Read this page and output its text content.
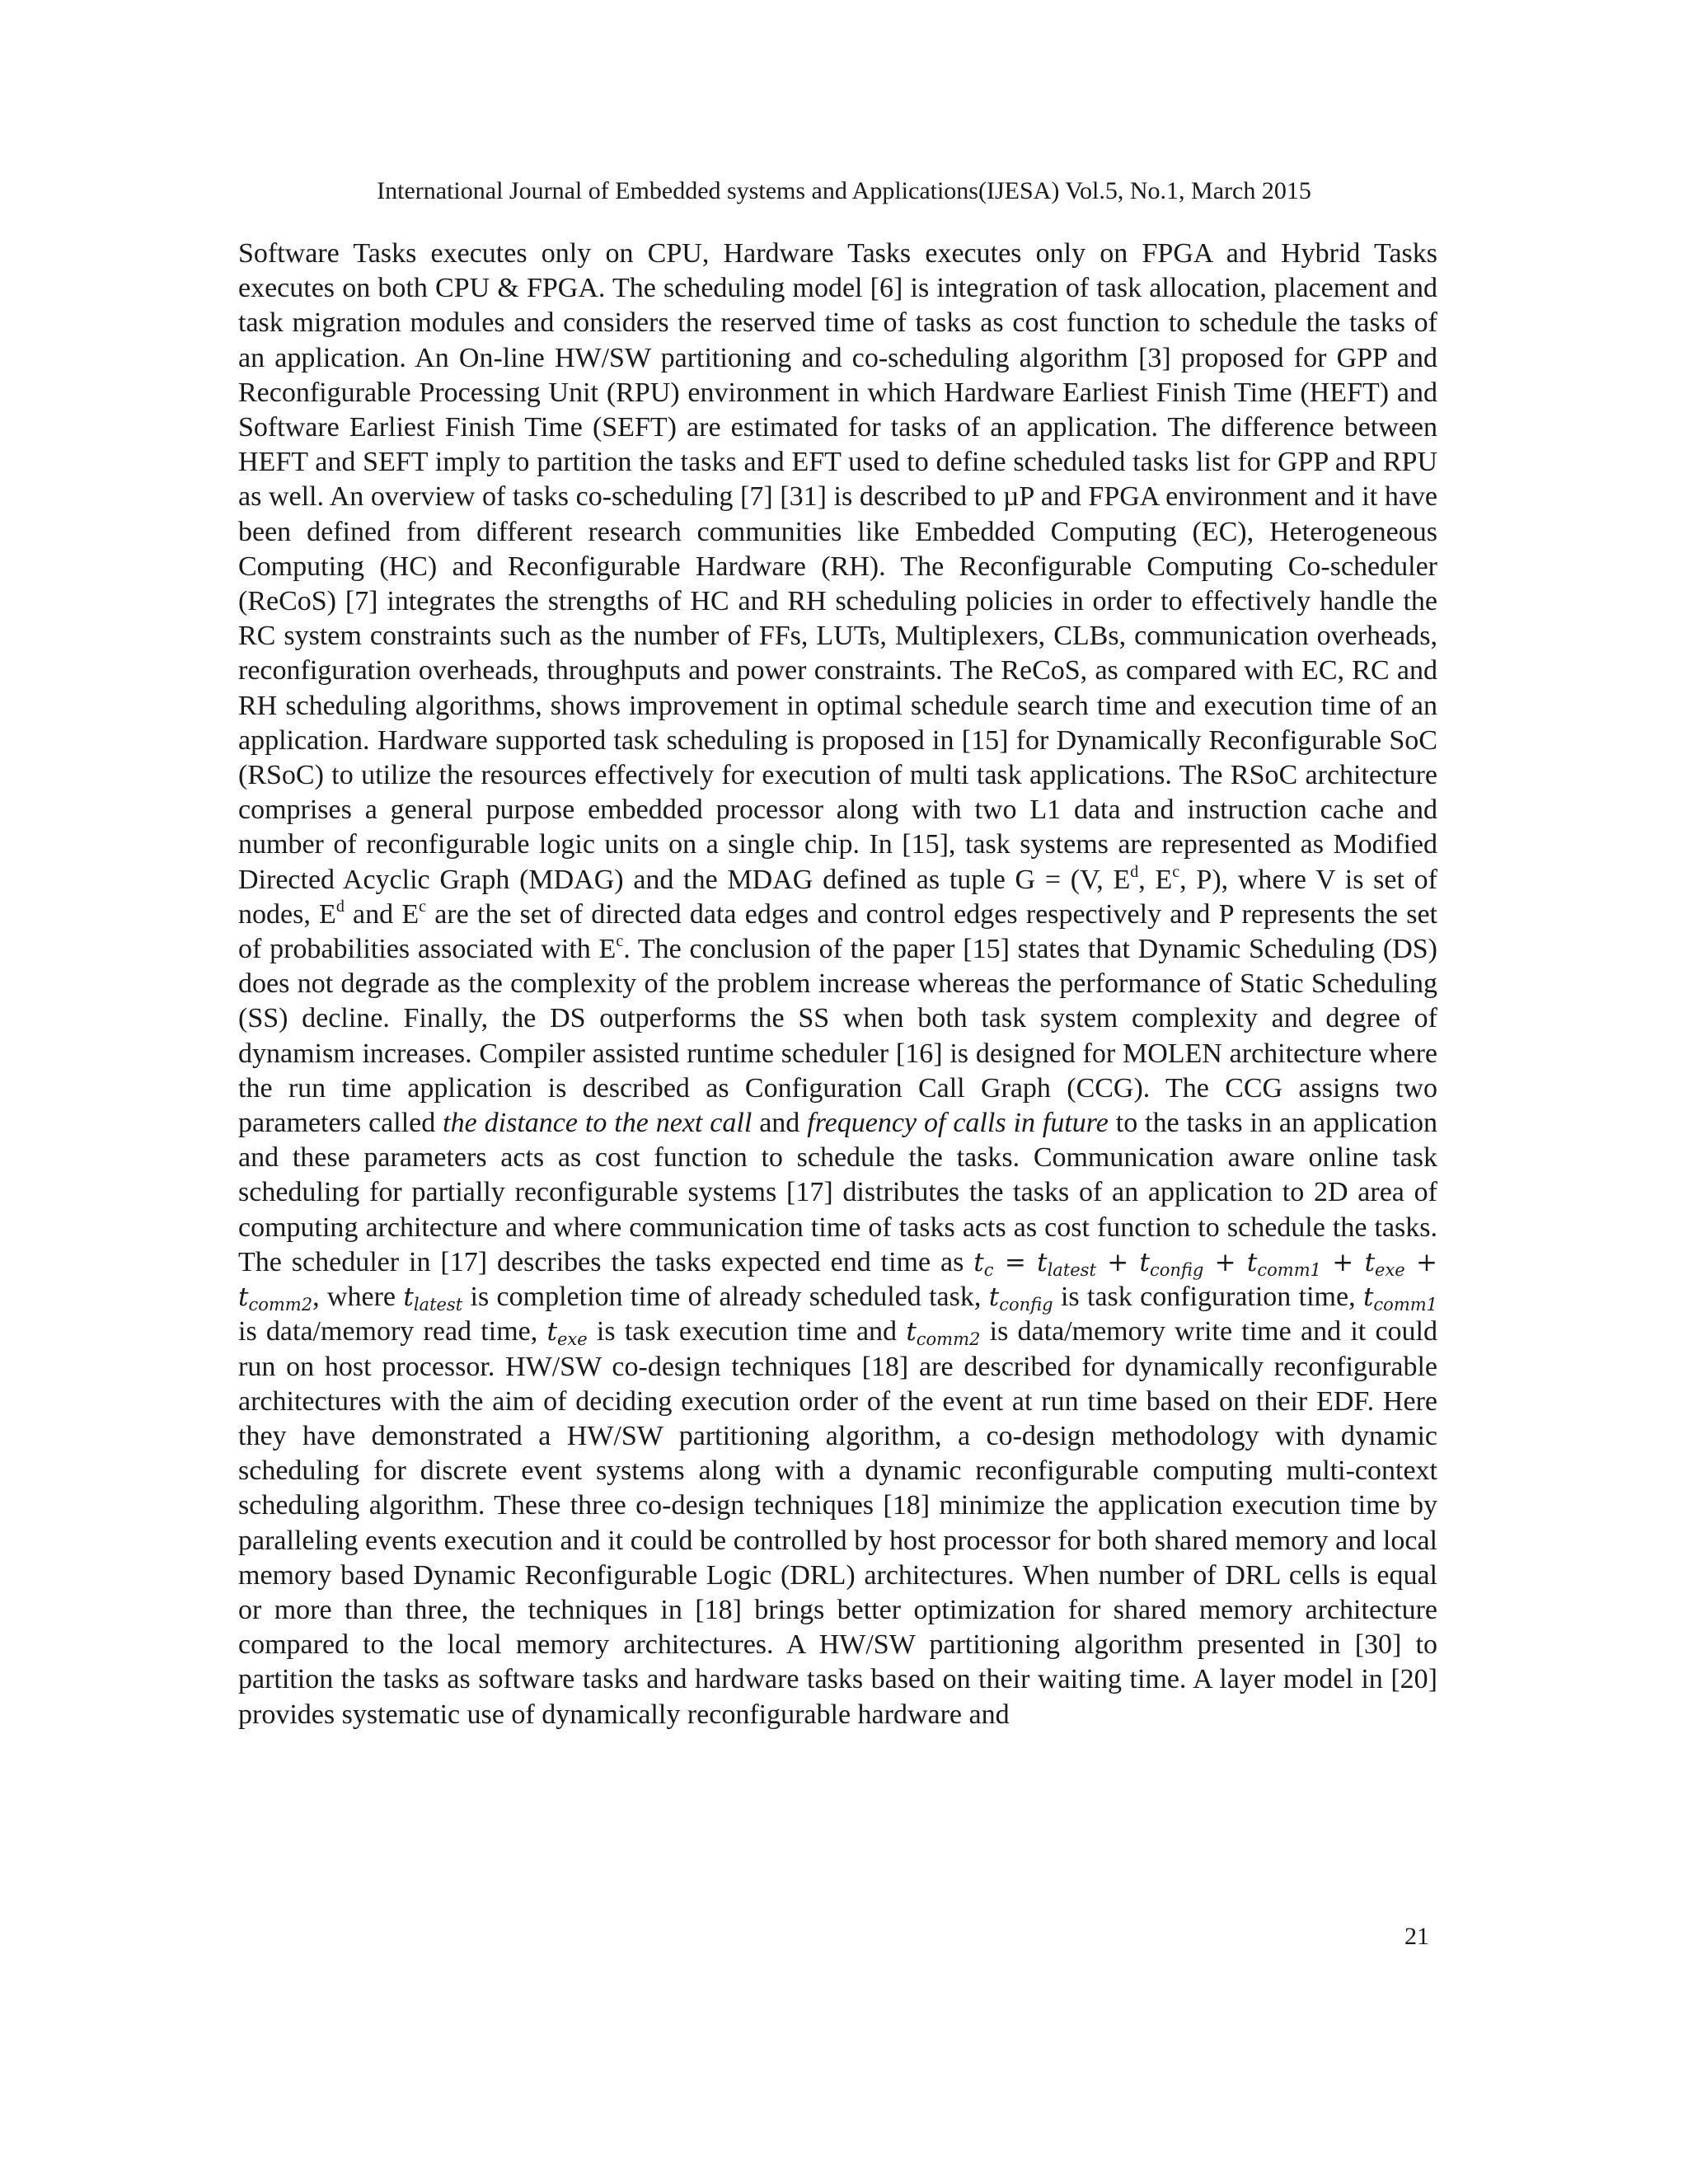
International Journal of Embedded systems and Applications(IJESA) Vol.5, No.1, March 2015

Software Tasks executes only on CPU, Hardware Tasks executes only on FPGA and Hybrid Tasks executes on both CPU & FPGA. The scheduling model [6] is integration of task allocation, placement and task migration modules and considers the reserved time of tasks as cost function to schedule the tasks of an application. An On-line HW/SW partitioning and co-scheduling algorithm [3] proposed for GPP and Reconfigurable Processing Unit (RPU) environment in which Hardware Earliest Finish Time (HEFT) and Software Earliest Finish Time (SEFT) are estimated for tasks of an application. The difference between HEFT and SEFT imply to partition the tasks and EFT used to define scheduled tasks list for GPP and RPU as well. An overview of tasks co-scheduling [7] [31] is described to µP and FPGA environment and it have been defined from different research communities like Embedded Computing (EC), Heterogeneous Computing (HC) and Reconfigurable Hardware (RH). The Reconfigurable Computing Co-scheduler (ReCoS) [7] integrates the strengths of HC and RH scheduling policies in order to effectively handle the RC system constraints such as the number of FFs, LUTs, Multiplexers, CLBs, communication overheads, reconfiguration overheads, throughputs and power constraints. The ReCoS, as compared with EC, RC and RH scheduling algorithms, shows improvement in optimal schedule search time and execution time of an application. Hardware supported task scheduling is proposed in [15] for Dynamically Reconfigurable SoC (RSoC) to utilize the resources effectively for execution of multi task applications. The RSoC architecture comprises a general purpose embedded processor along with two L1 data and instruction cache and number of reconfigurable logic units on a single chip. In [15], task systems are represented as Modified Directed Acyclic Graph (MDAG) and the MDAG defined as tuple G = (V, $E^d$, $E^c$, P), where V is set of nodes, $E^d$ and $E^c$ are the set of directed data edges and control edges respectively and P represents the set of probabilities associated with $E^c$. The conclusion of the paper [15] states that Dynamic Scheduling (DS) does not degrade as the complexity of the problem increase whereas the performance of Static Scheduling (SS) decline. Finally, the DS outperforms the SS when both task system complexity and degree of dynamism increases. Compiler assisted runtime scheduler [16] is designed for MOLEN architecture where the run time application is described as Configuration Call Graph (CCG). The CCG assigns two parameters called the distance to the next call and frequency of calls in future to the tasks in an application and these parameters acts as cost function to schedule the tasks. Communication aware online task scheduling for partially reconfigurable systems [17] distributes the tasks of an application to 2D area of computing architecture and where communication time of tasks acts as cost function to schedule the tasks. The scheduler in [17] describes the tasks expected end time as $t_c = t_{latest} + t_{config} + t_{comm1} + t_{exe} + t_{comm2}$, where $t_{latest}$ is completion time of already scheduled task, $t_{config}$ is task configuration time, $t_{comm1}$ is data/memory read time, $t_{exe}$ is task execution time and $t_{comm2}$ is data/memory write time and it could run on host processor. HW/SW co-design techniques [18] are described for dynamically reconfigurable architectures with the aim of deciding execution order of the event at run time based on their EDF. Here they have demonstrated a HW/SW partitioning algorithm, a co-design methodology with dynamic scheduling for discrete event systems along with a dynamic reconfigurable computing multi-context scheduling algorithm. These three co-design techniques [18] minimize the application execution time by paralleling events execution and it could be controlled by host processor for both shared memory and local memory based Dynamic Reconfigurable Logic (DRL) architectures. When number of DRL cells is equal or more than three, the techniques in [18] brings better optimization for shared memory architecture compared to the local memory architectures. A HW/SW partitioning algorithm presented in [30] to partition the tasks as software tasks and hardware tasks based on their waiting time. A layer model in [20] provides systematic use of dynamically reconfigurable hardware and

21
